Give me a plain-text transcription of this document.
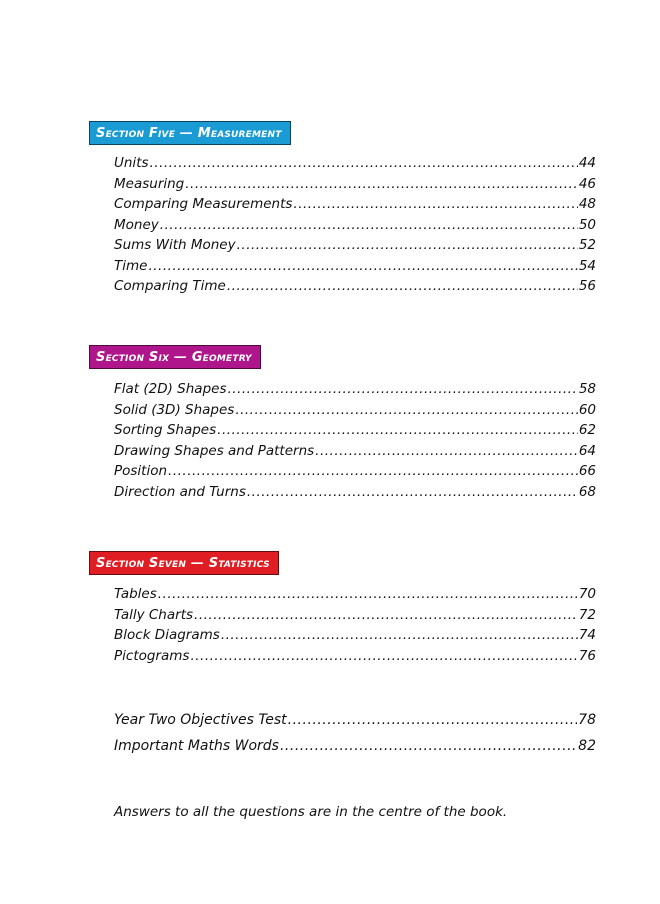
Section Five — Measurement
Units .....	44
Measuring .....	46
Comparing Measurements .....	48
Money .....	50
Sums With Money .....	52
Time .....	54
Comparing Time .....	56
Section Six — Geometry
Flat (2D) Shapes .....	58
Solid (3D) Shapes .....	60
Sorting Shapes .....	62
Drawing Shapes and Patterns .....	64
Position .....	66
Direction and Turns .....	68
Section Seven — Statistics
Tables .....	70
Tally Charts .....	72
Block Diagrams .....	74
Pictograms .....	76
Year Two Objectives Test .....	78
Important Maths Words .....	82
Answers to all the questions are in the centre of the book.
